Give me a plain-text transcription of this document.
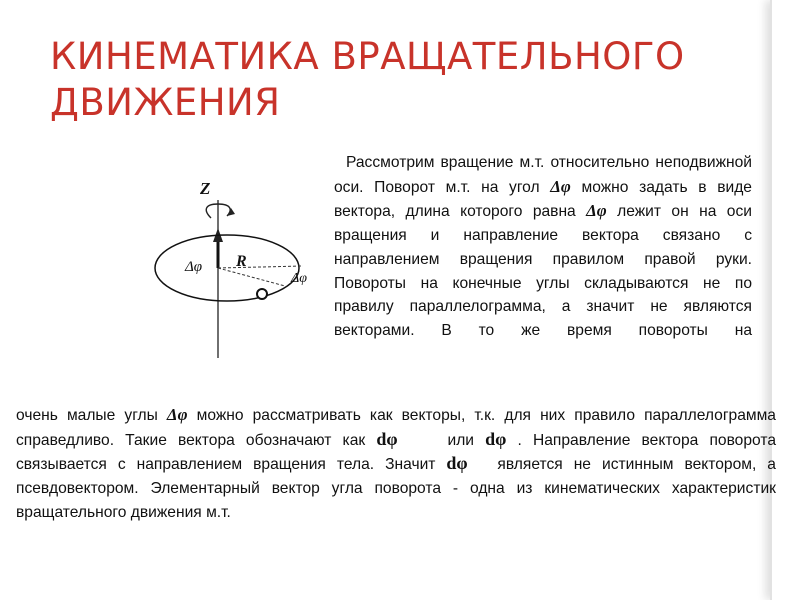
КИНЕМАТИКА ВРАЩАТЕЛЬНОГО
ДВИЖЕНИЯ
Z
Δφ R
Δφ
Рассмотрим вращение м.т. относительно неподвижной оси. Поворот м.т. на угол Δφ можно задать в виде вектора, длина которого равна Δφ лежит он на оси вращения и направление вектора связано с направлением вращения правилом правой руки. Повороты на конечные углы складываются не по правилу параллелограмма, а значит не являются векторами. В то же время повороты на
очень малые углы Δφ можно рассматривать как векторы, т.к. для них правило параллелограмма справедливо. Такие вектора обозначают как dφ или dφ . Направление вектора поворота связывается с направлением вращения тела. Значит dφ является не истинным вектором, а псевдовектором. Элементарный вектор угла поворота - одна из кинематических характеристик вращательного движения м.т.
